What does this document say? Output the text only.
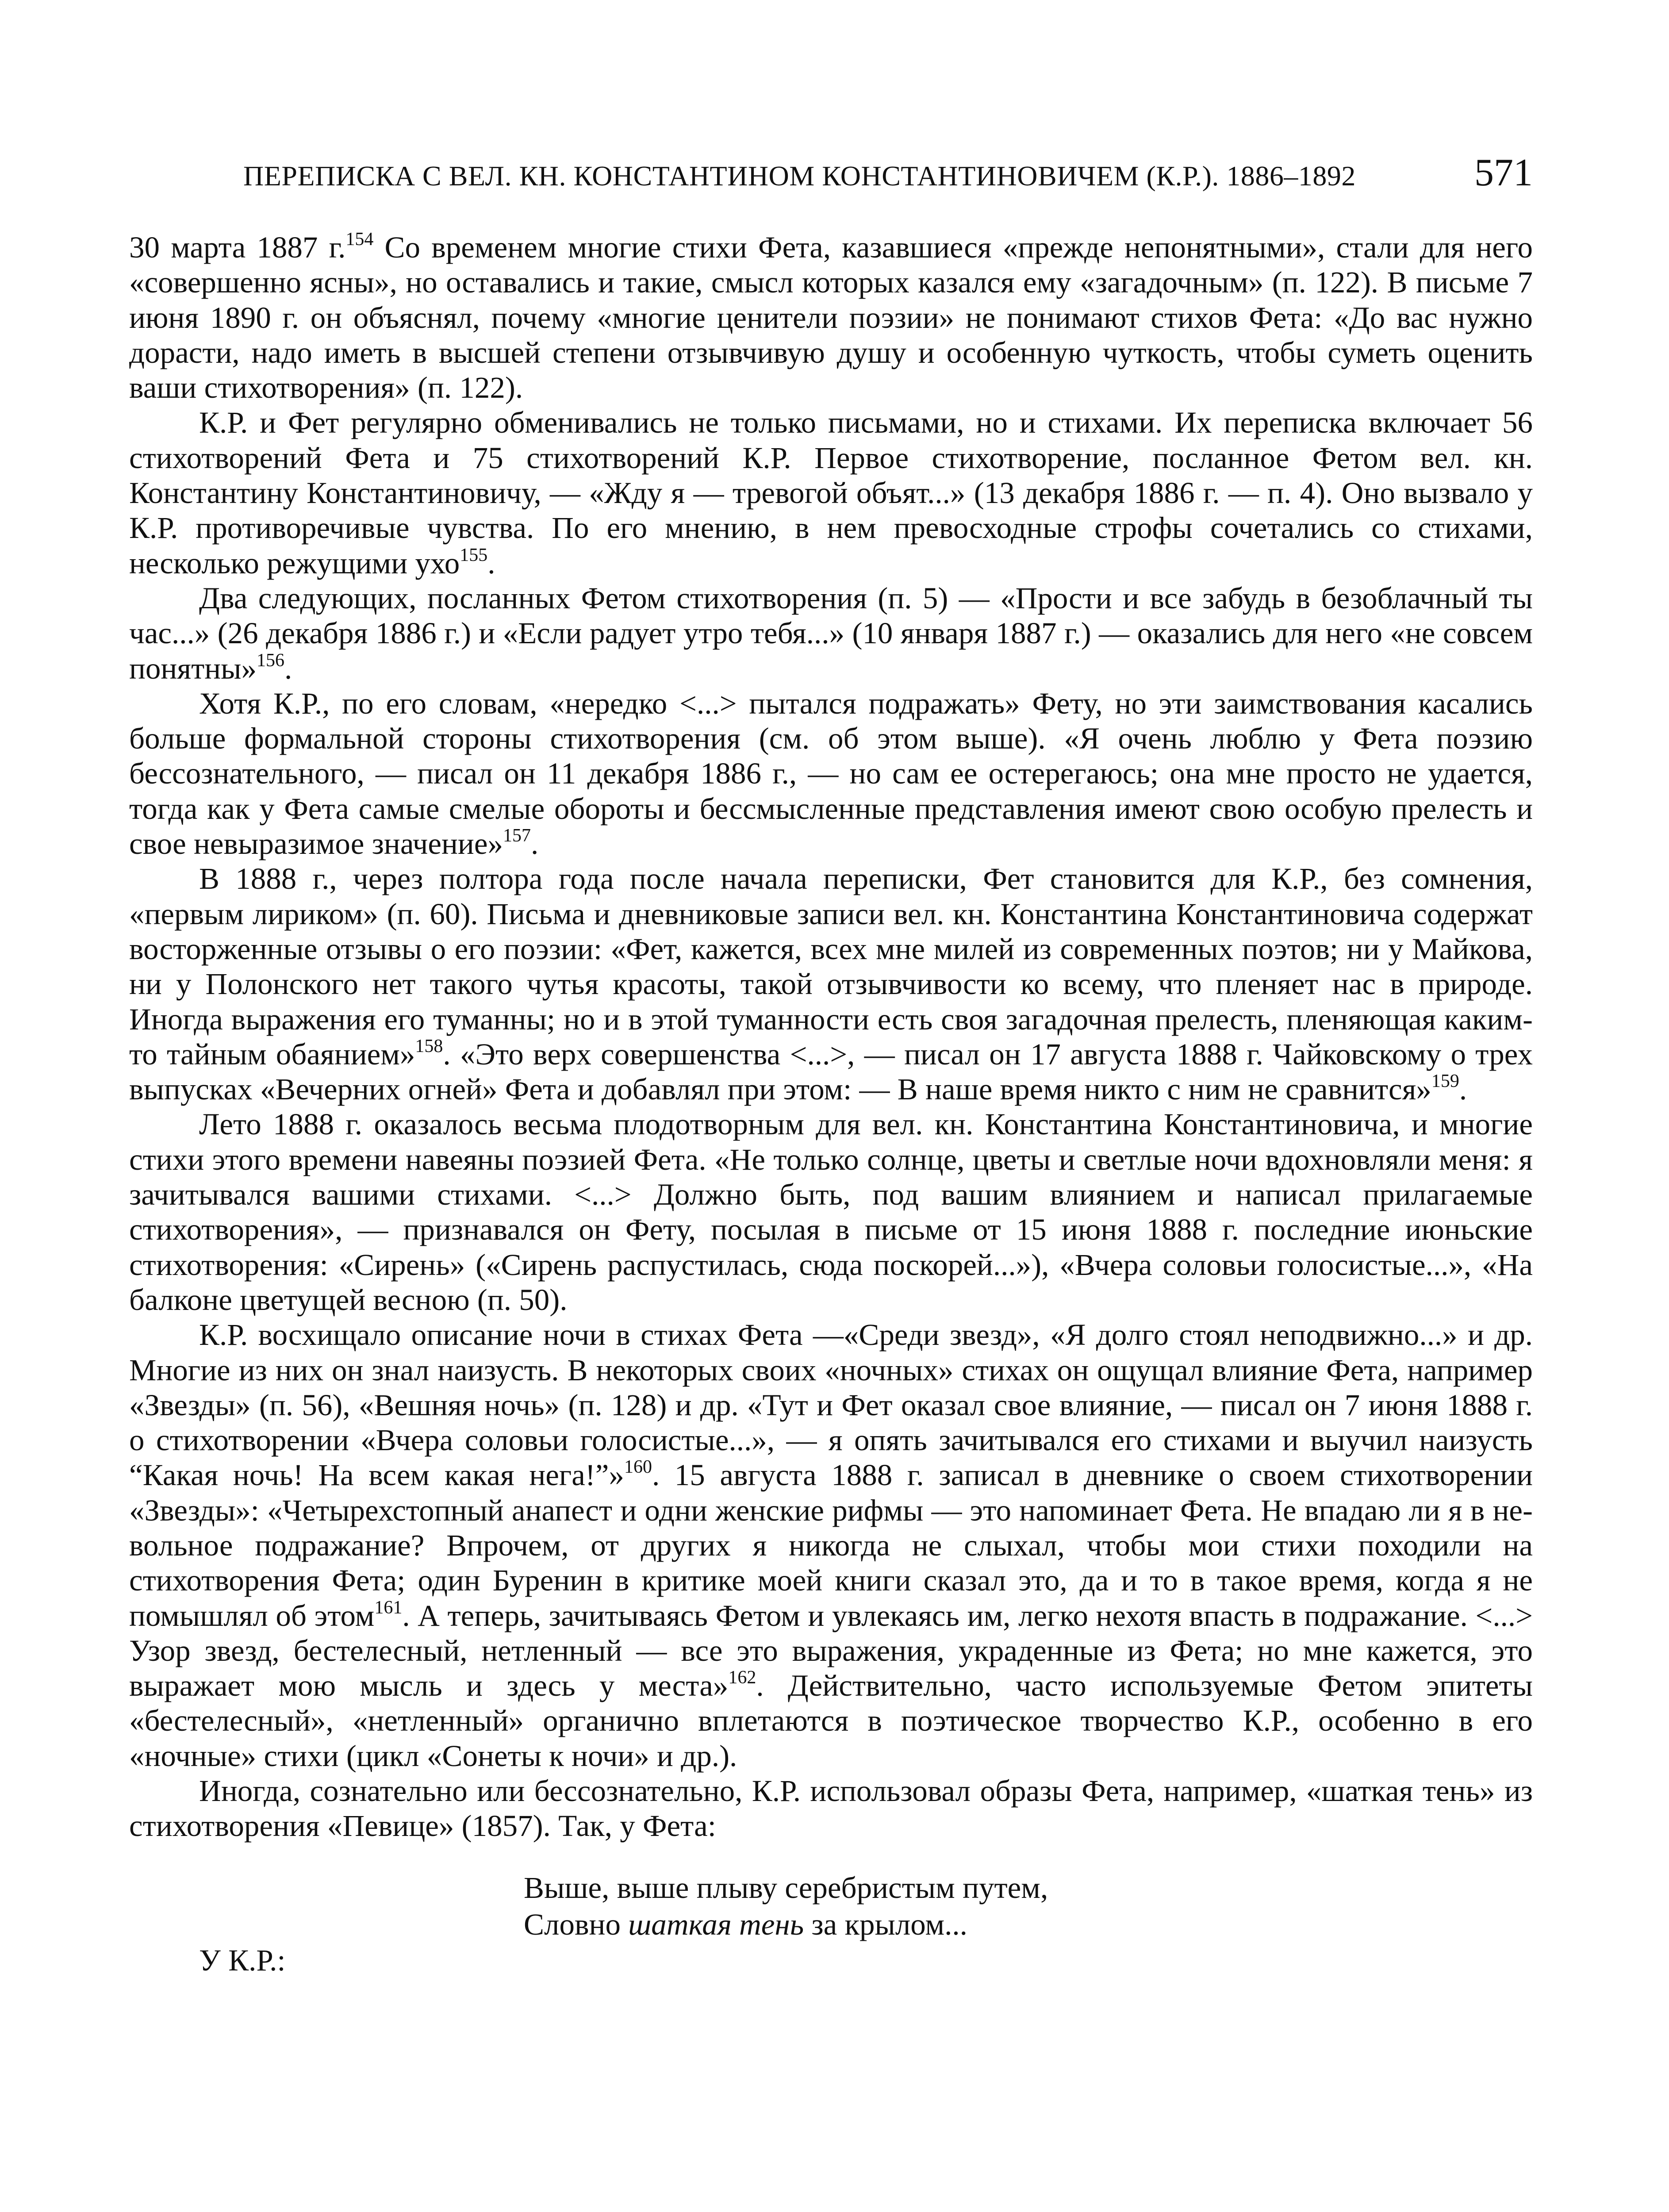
ПЕРЕПИСКА С ВЕЛ. КН. КОНСТАНТИНОМ КОНСТАНТИНОВИЧЕМ (К.Р.). 1886–1892	571

30 марта 1887 г.$^{154}$ Со временем многие стихи Фета, казавшиеся «прежде непонятными», стали для него «совершенно ясны», но оставались и такие, смысл которых казался ему «загадочным» (п. 122). В письме 7 июня 1890 г. он объяснял, почему «многие ценители поэзии» не понимают стихов Фета: «До вас нужно дорасти, надо иметь в высшей степени отзывчивую душу и особенную чуткость, чтобы суметь оценить ваши стихотворения» (п. 122).

К.Р. и Фет регулярно обменивались не только письмами, но и стихами. Их переписка включает 56 стихотворений Фета и 75 стихотворений К.Р. Первое стихотворение, посланное Фетом вел. кн. Константину Константиновичу, — «Жду я — тревогой объят...» (13 декабря 1886 г. — п. 4). Оно вызвало у К.Р. противоречивые чувства. По его мнению, в нем превосходные строфы сочетались со стихами, несколько режущими ухо$^{155}$.

Два следующих, посланных Фетом стихотворения (п. 5) — «Прости и все забудь в безоблачный ты час...» (26 декабря 1886 г.) и «Если радует утро тебя...» (10 января 1887 г.) — оказались для него «не совсем понятны»$^{156}$.

Хотя К.Р., по его словам, «нередко <...> пытался подражать» Фету, но эти заимствования касались больше формальной стороны стихотворения (см. об этом выше). «Я очень люблю у Фета поэзию бессознательного, — писал он 11 декабря 1886 г., — но сам ее остерегаюсь; она мне просто не удается, тогда как у Фета самые смелые обороты и бессмысленные представления имеют свою особую прелесть и свое невыразимое значение»$^{157}$.

В 1888 г., через полтора года после начала переписки, Фет становится для К.Р., без сомнения, «первым лириком» (п. 60). Письма и дневниковые записи вел. кн. Константина Константиновича содержат восторженные отзывы о его поэзии: «Фет, кажется, всех мне милей из современных поэтов; ни у Майкова, ни у Полонского нет такого чутья красоты, такой отзывчивости ко всему, что пленяет нас в природе. Иногда выражения его туманны; но и в этой туманности есть своя загадочная прелесть, пленяющая каким-то тайным обаянием»$^{158}$. «Это верх совершенства <...>, — писал он 17 августа 1888 г. Чайковскому о трех выпусках «Вечерних огней» Фета и добавлял при этом: — В наше время никто с ним не сравнится»$^{159}$.

Лето 1888 г. оказалось весьма плодотворным для вел. кн. Константина Константиновича, и многие стихи этого времени навеяны поэзией Фета. «Не только солнце, цветы и светлые ночи вдохновляли меня: я зачитывался вашими стихами. <...> Должно быть, под вашим влиянием и написал прилагаемые стихотворения», — признавался он Фету, посылая в письме от 15 июня 1888 г. последние июньские стихотворения: «Сирень» («Сирень распустилась, сюда поскорей...»), «Вчера соловьи голосистые...», «На балконе цветущей весною (п. 50).

К.Р. восхищало описание ночи в стихах Фета —«Среди звезд», «Я долго стоял неподвижно...» и др. Многие из них он знал наизусть. В некоторых своих «ночных» стихах он ощущал влияние Фета, например «Звезды» (п. 56), «Вешняя ночь» (п. 128) и др. «Тут и Фет оказал свое влияние, — писал он 7 июня 1888 г. о стихотворении «Вчера соловьи голосистые...», — я опять зачитывался его стихами и выучил наизусть “Какая ночь! На всем какая нега!”»$^{160}$. 15 августа 1888 г. записал в дневнике о своем стихотворении «Звезды»: «Четырехстопный анапест и одни женские рифмы — это напоминает Фета. Не впадаю ли я в невольное подражание? Впрочем, от других я никогда не слыхал, чтобы мои стихи походили на стихотворения Фета; один Буренин в критике моей книги сказал это, да и то в такое время, когда я не помышлял об этом$^{161}$. А теперь, зачитываясь Фетом и увлекаясь им, легко нехотя впасть в подражание. <...> Узор звезд, бестелесный, нетленный — все это выражения, украденные из Фета; но мне кажется, это выражает мою мысль и здесь у места»$^{162}$. Действительно, часто используемые Фетом эпитеты «бестелесный», «нетленный» органично вплетаются в поэтическое творчество К.Р., особенно в его «ночные» стихи (цикл «Сонеты к ночи» и др.).

Иногда, сознательно или бессознательно, К.Р. использовал образы Фета, например, «шаткая тень» из стихотворения «Певице» (1857). Так, у Фета:

Выше, выше плыву серебристым путем,
Словно шаткая тень за крылом...

У К.Р.:
